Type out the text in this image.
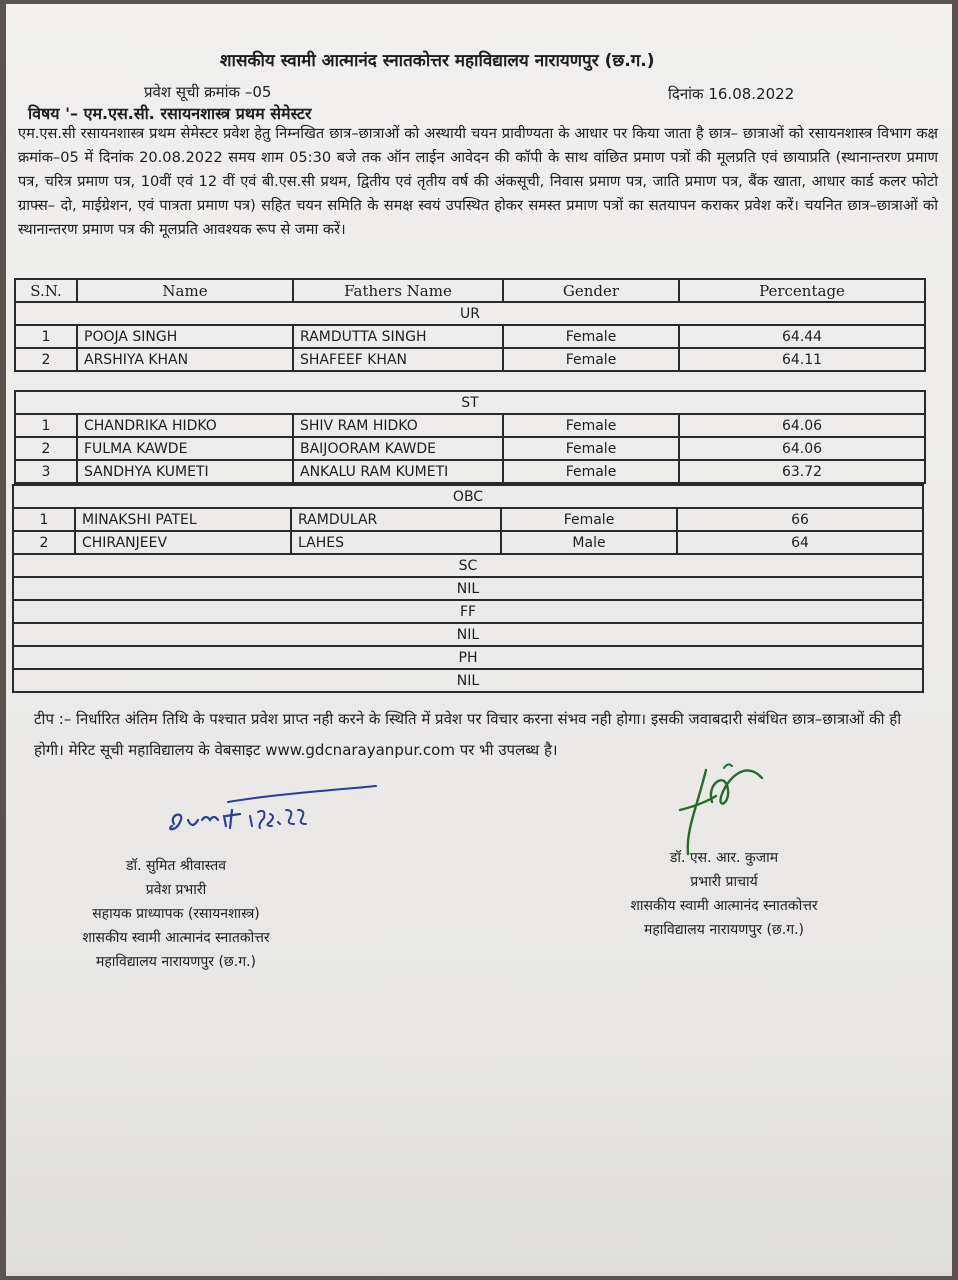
शासकीय स्वामी आत्मानंद स्नातकोत्तर महाविद्यालय नारायणपुर (छ.ग.)
प्रवेश सूची क्रमांक –05	दिनांक 16.08.2022
विषय '– एम.एस.सी. रसायनशास्त्र प्रथम सेमेस्टर
एम.एस.सी रसायनशास्त्र प्रथम सेमेस्टर प्रवेश हेतु निम्नखित छात्र–छात्राओं को अस्थायी चयन प्रावीण्यता के आधार पर किया जाता है छात्र– छात्राओं को रसायनशास्त्र विभाग कक्ष क्रमांक–05 में दिनांक 20.08.2022 समय शाम 05:30 बजे तक ऑन लाईन आवेदन की कॉपी के साथ वांछित प्रमाण पत्रों की मूलप्रति एवं छायाप्रति (स्थानान्तरण प्रमाण पत्र, चरित्र प्रमाण पत्र, 10वीं एवं 12 वीं एवं बी.एस.सी प्रथम, द्वितीय एवं तृतीय वर्ष की अंकसूची, निवास प्रमाण पत्र, जाति प्रमाण पत्र, बैंक खाता, आधार कार्ड कलर फोटो ग्राफ्स– दो, माईग्रेशन, एवं पात्रता प्रमाण पत्र) सहित चयन समिति के समक्ष स्वयं उपस्थित होकर समस्त प्रमाण पत्रों का सतयापन कराकर प्रवेश करें। चयनित छात्र–छात्राओं को स्थानान्तरण प्रमाण पत्र की मूलप्रति आवश्यक रूप से जमा करें।
S.N.	Name	Fathers Name	Gender	Percentage
UR				
1	POOJA SINGH	RAMDUTTA SINGH	Female	64.44
2	ARSHIYA KHAN	SHAFEEF KHAN	Female	64.11
ST				
1	CHANDRIKA HIDKO	SHIV RAM HIDKO	Female	64.06
2	FULMA KAWDE	BAIJOORAM KAWDE	Female	64.06
3	SANDHYA KUMETI	ANKALU RAM KUMETI	Female	63.72
OBC				
1	MINAKSHI PATEL	RAMDULAR	Female	66
2	CHIRANJEEV	LAHES	Male	64
SC				
NIL				
FF				
NIL				
PH				
NIL				
टीप :– निर्धारित अंतिम तिथि के पश्चात प्रवेश प्राप्त नही करने के स्थिति में प्रवेश पर विचार करना संभव नही होगा। इसकी जवाबदारी संबंधित छात्र–छात्राओं की ही होगी। मेरिट सूची महाविद्यालय के वेबसाइट www.gdcnarayanpur.com पर भी उपलब्ध है।
डॉ. सुमित श्रीवास्तव
प्रवेश प्रभारी
सहायक प्राध्यापक (रसायनशास्त्र)
शासकीय स्वामी आत्मानंद स्नातकोत्तर
महाविद्यालय नारायणपुर (छ.ग.)
डॉ. एस. आर. कुजाम
प्रभारी प्राचार्य
शासकीय स्वामी आत्मानंद स्नातकोत्तर
महाविद्यालय नारायणपुर (छ.ग.)
